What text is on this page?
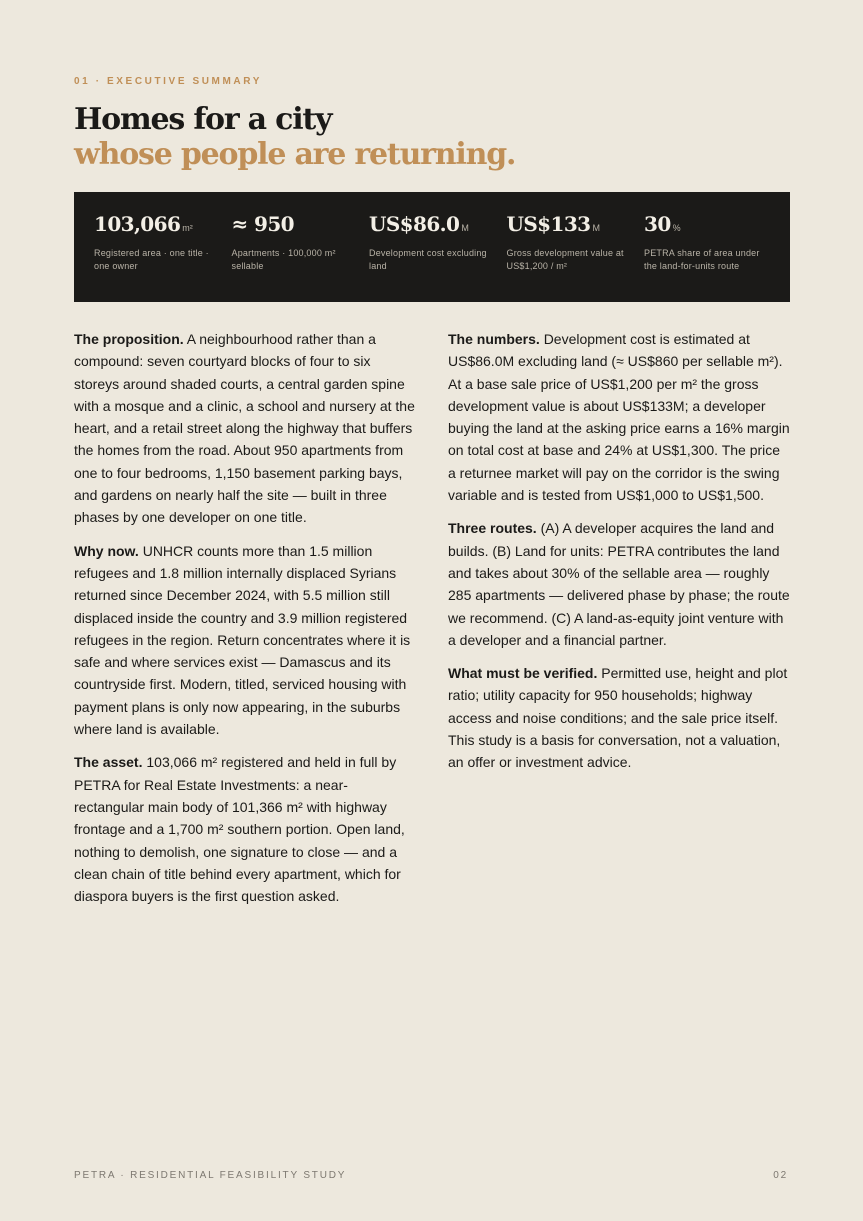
01 · EXECUTIVE SUMMARY
Homes for a city
whose people are returning.
103,066 m²
Registered area · one title · one owner
≈ 950
Apartments · 100,000 m² sellable
US$86.0 M
Development cost excluding land
US$133 M
Gross development value at US$1,200 / m²
30 %
PETRA share of area under the land-for-units route

The proposition. A neighbourhood rather than a compound: seven courtyard blocks of four to six storeys around shaded courts, a central garden spine with a mosque and a clinic, a school and nursery at the heart, and a retail street along the highway that buffers the homes from the road. About 950 apartments from one to four bedrooms, 1,150 basement parking bays, and gardens on nearly half the site — built in three phases by one developer on one title.

Why now. UNHCR counts more than 1.5 million refugees and 1.8 million internally displaced Syrians returned since December 2024, with 5.5 million still displaced inside the country and 3.9 million registered refugees in the region. Return concentrates where it is safe and where services exist — Damascus and its countryside first. Modern, titled, serviced housing with payment plans is only now appearing, in the suburbs where land is available.

The asset. 103,066 m² registered and held in full by PETRA for Real Estate Investments: a near-rectangular main body of 101,366 m² with highway frontage and a 1,700 m² southern portion. Open land, nothing to demolish, one signature to close — and a clean chain of title behind every apartment, which for diaspora buyers is the first question asked.

The numbers. Development cost is estimated at US$86.0M excluding land (≈ US$860 per sellable m²). At a base sale price of US$1,200 per m² the gross development value is about US$133M; a developer buying the land at the asking price earns a 16% margin on total cost at base and 24% at US$1,300. The price a returnee market will pay on the corridor is the swing variable and is tested from US$1,000 to US$1,500.

Three routes. (A) A developer acquires the land and builds. (B) Land for units: PETRA contributes the land and takes about 30% of the sellable area — roughly 285 apartments — delivered phase by phase; the route we recommend. (C) A land-as-equity joint venture with a developer and a financial partner.

What must be verified. Permitted use, height and plot ratio; utility capacity for 950 households; highway access and noise conditions; and the sale price itself. This study is a basis for conversation, not a valuation, an offer or investment advice.

PETRA · RESIDENTIAL FEASIBILITY STUDY	02
